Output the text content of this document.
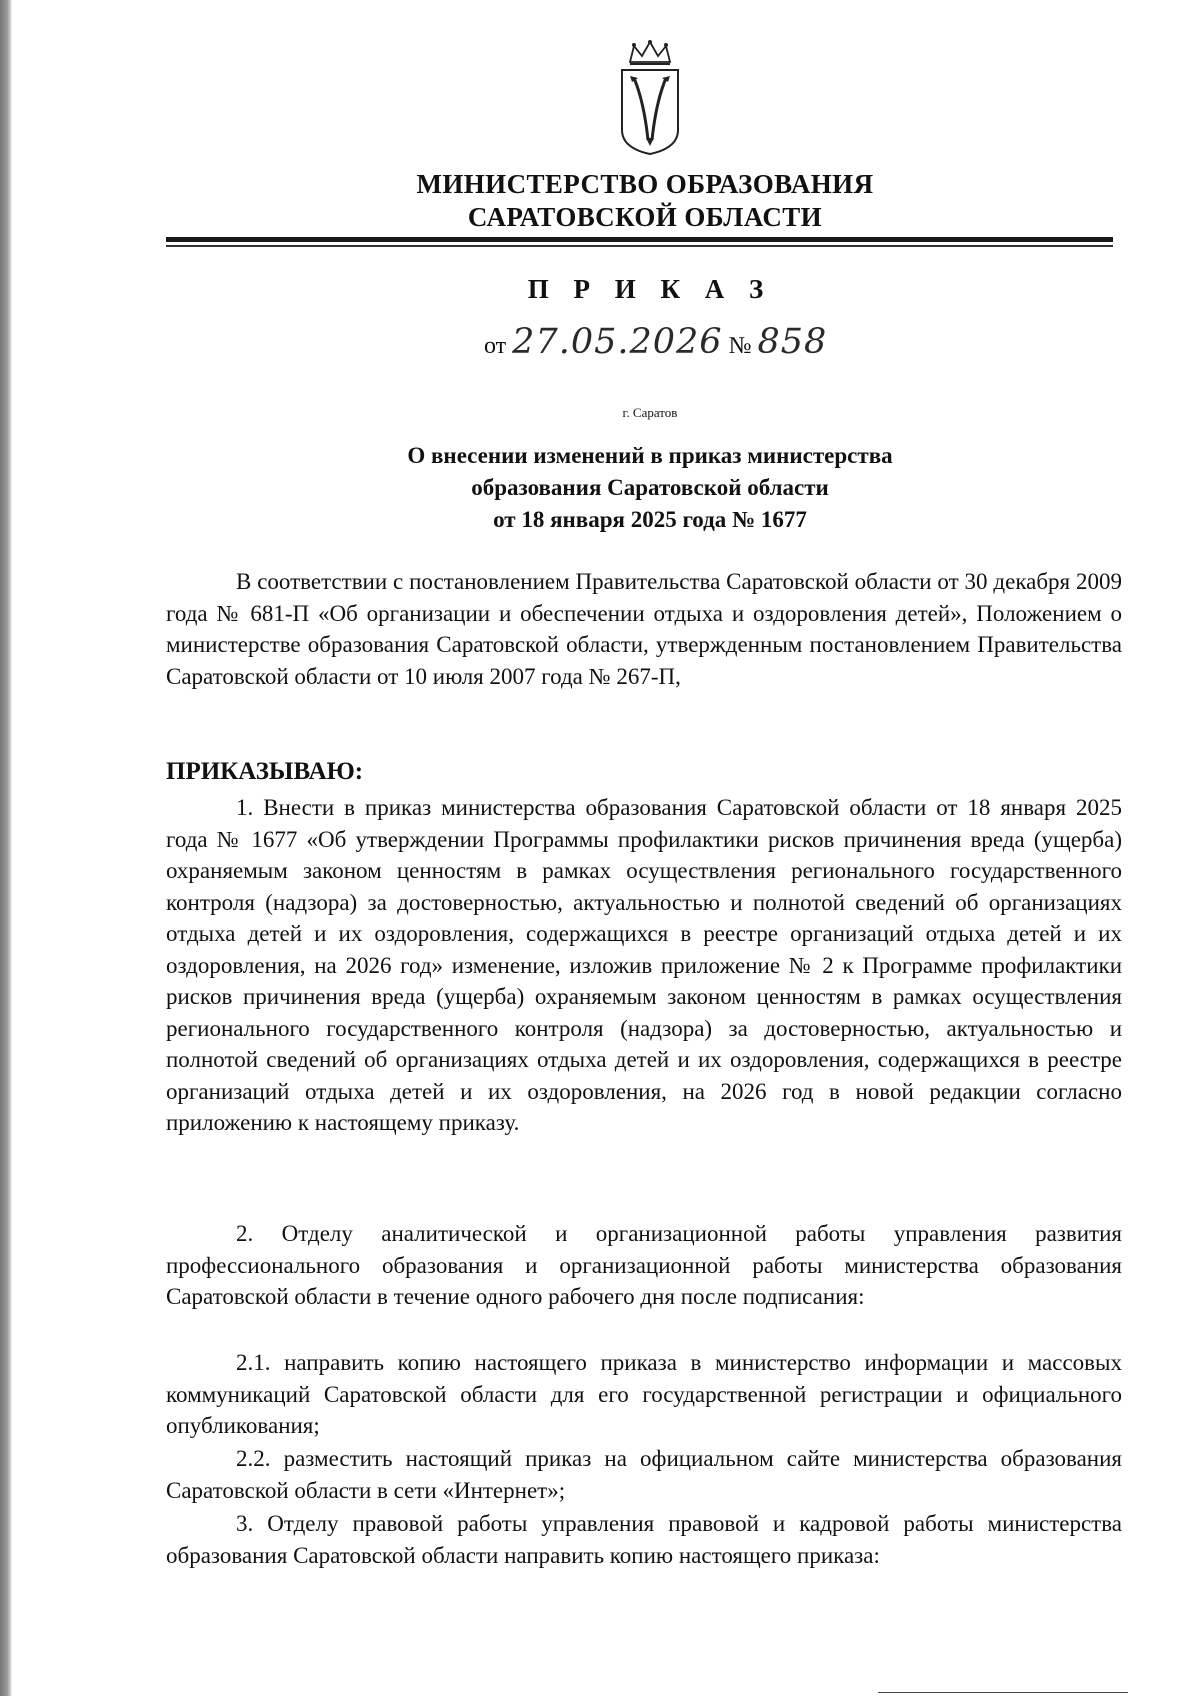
МИНИСТЕРСТВО ОБРАЗОВАНИЯ
САРАТОВСКОЙ ОБЛАСТИ
П Р И К А З
от 27.05.2026 № 858
г. Саратов
О внесении изменений в приказ министерства
образования Саратовской области
от 18 января 2025 года № 1677

В соответствии с постановлением Правительства Саратовской области от 30 декабря 2009 года № 681-П «Об организации и обеспечении отдыха и оздоровления детей», Положением о министерстве образования Саратовской области, утвержденным постановлением Правительства Саратовской области от 10 июля 2007 года № 267-П,

ПРИКАЗЫВАЮ:

1. Внести в приказ министерства образования Саратовской области от 18 января 2025 года № 1677 «Об утверждении Программы профилактики рисков причинения вреда (ущерба) охраняемым законом ценностям в рамках осуществления регионального государственного контроля (надзора) за достоверностью, актуальностью и полнотой сведений об организациях отдыха детей и их оздоровления, содержащихся в реестре организаций отдыха детей и их оздоровления, на 2026 год» изменение, изложив приложение № 2 к Программе профилактики рисков причинения вреда (ущерба) охраняемым законом ценностям в рамках осуществления регионального государственного контроля (надзора) за достоверностью, актуальностью и полнотой сведений об организациях отдыха детей и их оздоровления, содержащихся в реестре организаций отдыха детей и их оздоровления, на 2026 год в новой редакции согласно приложению к настоящему приказу.

2. Отделу аналитической и организационной работы управления развития профессионального образования и организационной работы министерства образования Саратовской области в течение одного рабочего дня после подписания:

2.1. направить копию настоящего приказа в министерство информации и массовых коммуникаций Саратовской области для его государственной регистрации и официального опубликования;

2.2. разместить настоящий приказ на официальном сайте министерства образования Саратовской области в сети «Интернет»;

3. Отделу правовой работы управления правовой и кадровой работы министерства образования Саратовской области направить копию настоящего приказа:
